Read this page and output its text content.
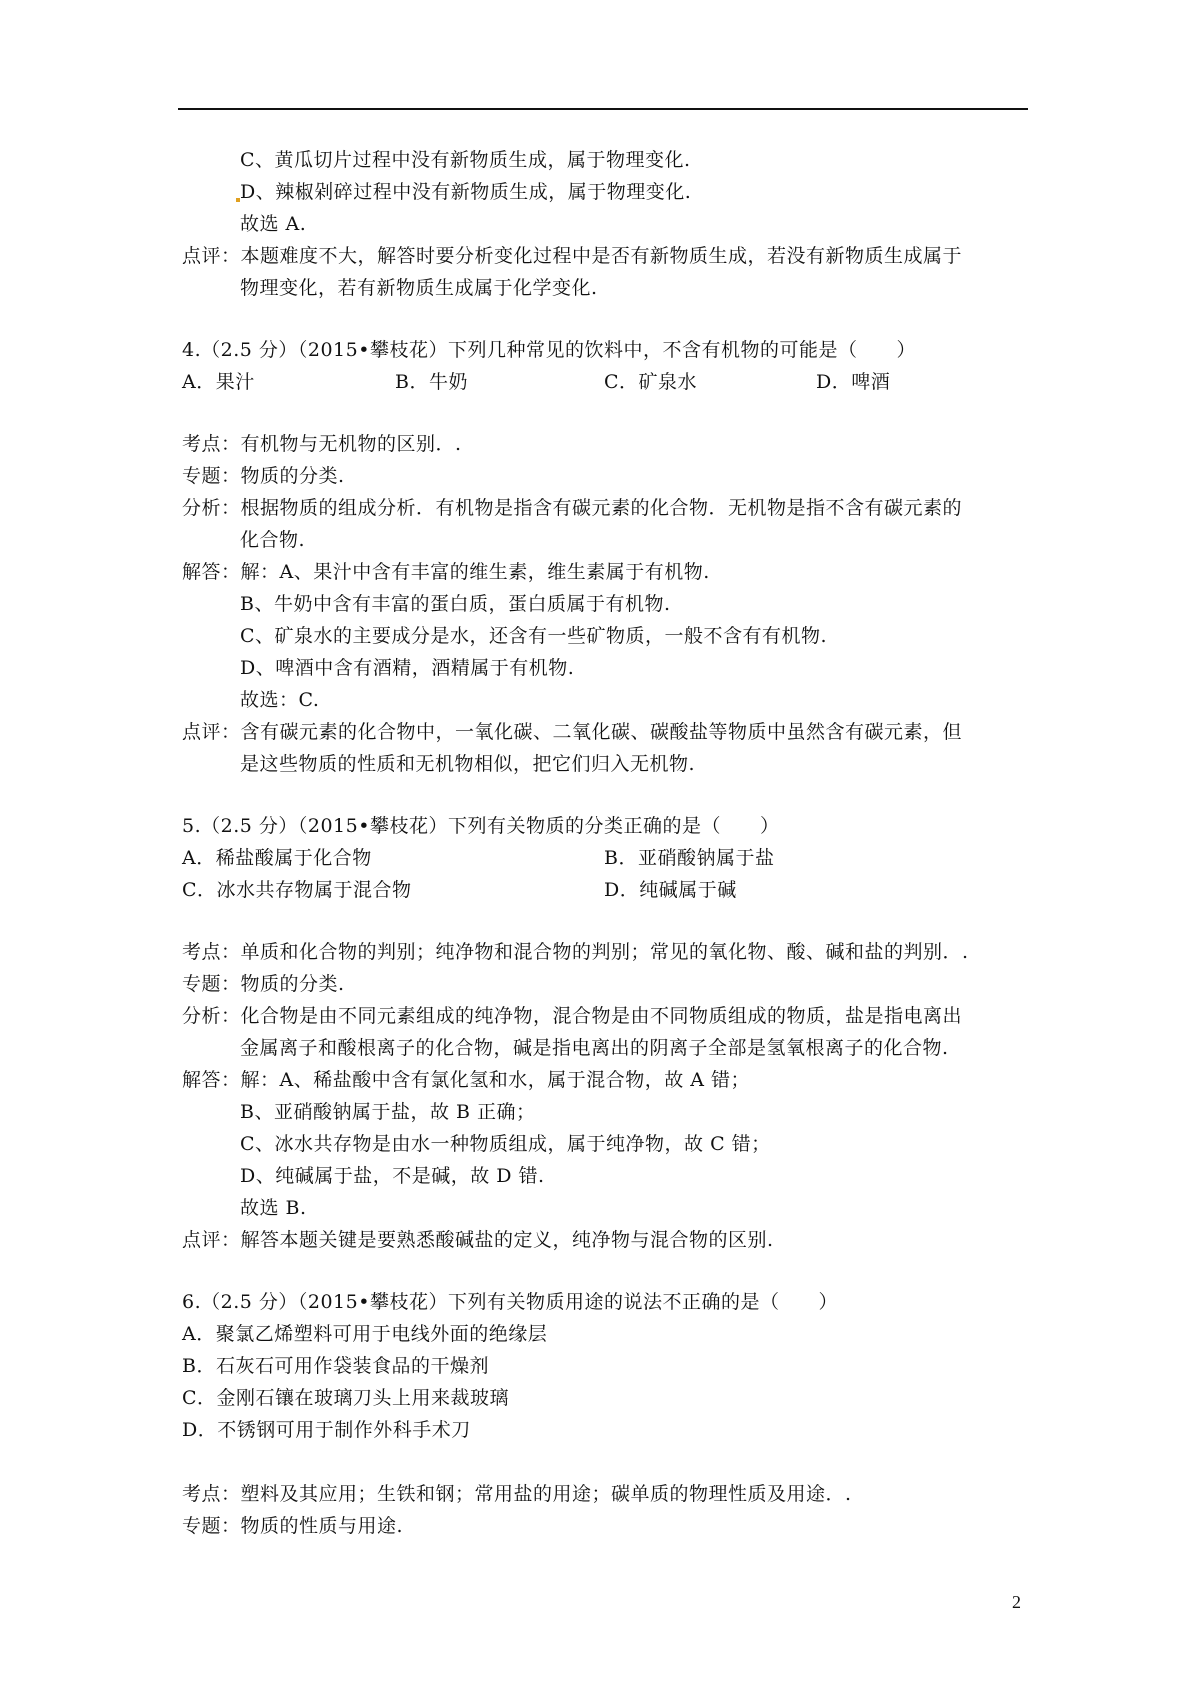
C、黄瓜切片过程中没有新物质生成，属于物理变化.
D、辣椒剁碎过程中没有新物质生成，属于物理变化.
故选 A.
点评：本题难度不大，解答时要分析变化过程中是否有新物质生成，若没有新物质生成属于
物理变化，若有新物质生成属于化学变化.
4.（2.5 分）（2015•攀枝花）下列几种常见的饮料中，不含有机物的可能是（　　）
A．果汁	B．牛奶	C．矿泉水	D．啤酒
考点：有机物与无机物的区别．.
专题：物质的分类.
分析：根据物质的组成分析．有机物是指含有碳元素的化合物．无机物是指不含有碳元素的
化合物.
解答：解：A、果汁中含有丰富的维生素，维生素属于有机物.
B、牛奶中含有丰富的蛋白质，蛋白质属于有机物.
C、矿泉水的主要成分是水，还含有一些矿物质，一般不含有有机物.
D、啤酒中含有酒精，酒精属于有机物.
故选：C.
点评：含有碳元素的化合物中，一氧化碳、二氧化碳、碳酸盐等物质中虽然含有碳元素，但
是这些物质的性质和无机物相似，把它们归入无机物.
5.（2.5 分）（2015•攀枝花）下列有关物质的分类正确的是（　　）
A．稀盐酸属于化合物	B．亚硝酸钠属于盐
C．冰水共存物属于混合物	D．纯碱属于碱
考点：单质和化合物的判别；纯净物和混合物的判别；常见的氧化物、酸、碱和盐的判别．.
专题：物质的分类.
分析：化合物是由不同元素组成的纯净物，混合物是由不同物质组成的物质，盐是指电离出
金属离子和酸根离子的化合物，碱是指电离出的阴离子全部是氢氧根离子的化合物.
解答：解：A、稀盐酸中含有氯化氢和水，属于混合物，故 A 错；
B、亚硝酸钠属于盐，故 B 正确；
C、冰水共存物是由水一种物质组成，属于纯净物，故 C 错；
D、纯碱属于盐，不是碱，故 D 错.
故选 B.
点评：解答本题关键是要熟悉酸碱盐的定义，纯净物与混合物的区别.
6.（2.5 分）（2015•攀枝花）下列有关物质用途的说法不正确的是（　　）
A．聚氯乙烯塑料可用于电线外面的绝缘层
B．石灰石可用作袋装食品的干燥剂
C．金刚石镶在玻璃刀头上用来裁玻璃
D．不锈钢可用于制作外科手术刀
考点：塑料及其应用；生铁和钢；常用盐的用途；碳单质的物理性质及用途．.
专题：物质的性质与用途.
2
